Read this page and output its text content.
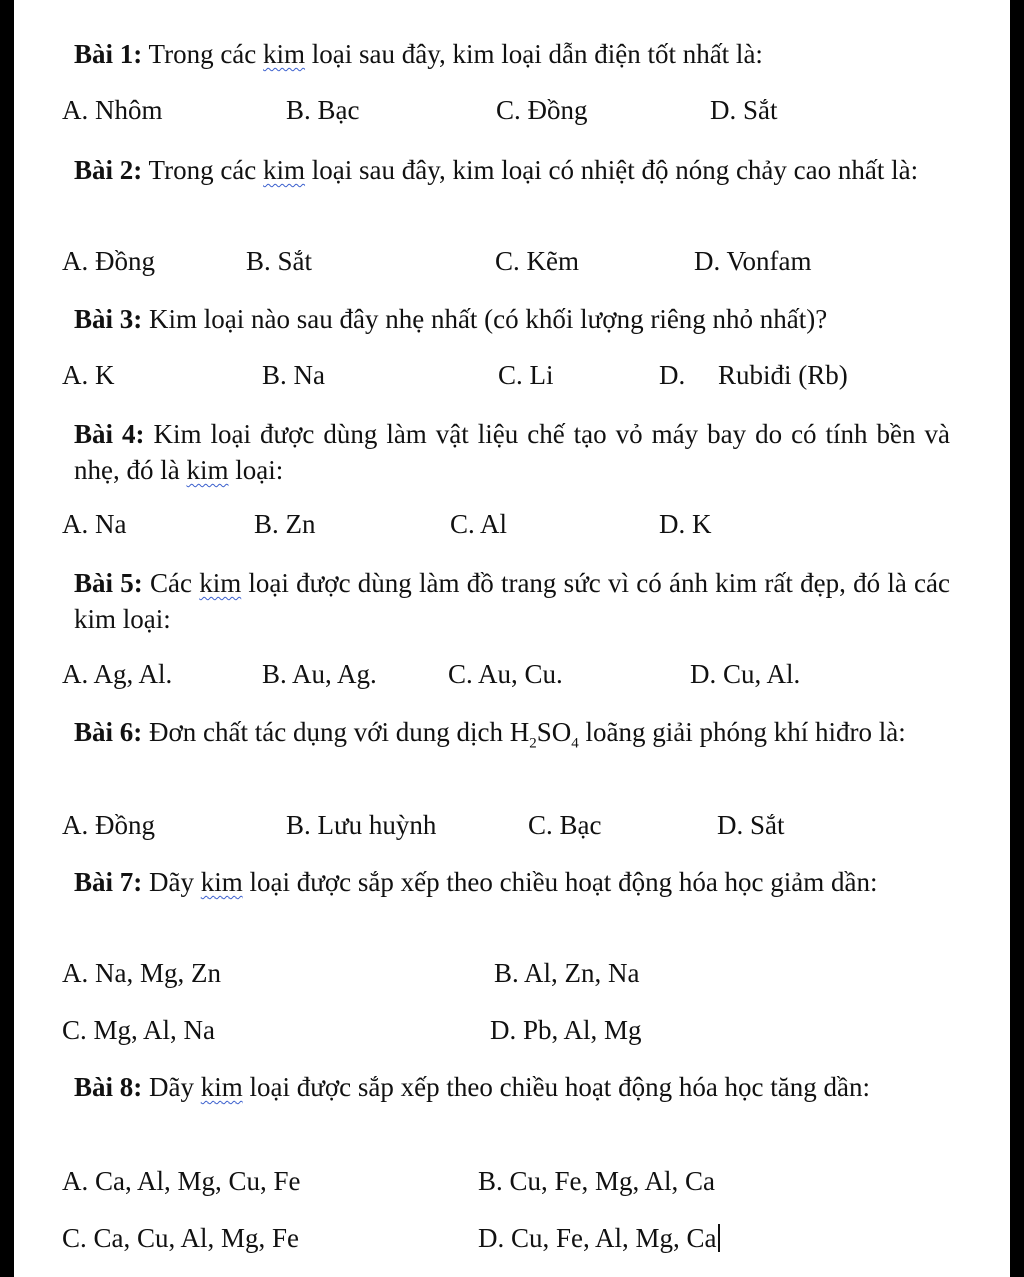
Bài 1: Trong các kim loại sau đây, kim loại dẫn điện tốt nhất là:
A. Nhôm	B. Bạc	C. Đồng	D. Sắt
Bài 2: Trong các kim loại sau đây, kim loại có nhiệt độ nóng chảy cao nhất là:
A. Đồng	B. Sắt	C. Kẽm	D. Vonfam
Bài 3: Kim loại nào sau đây nhẹ nhất (có khối lượng riêng nhỏ nhất)?
A. K	B. Na	C. Li	D. Rubiđi (Rb)
Bài 4: Kim loại được dùng làm vật liệu chế tạo vỏ máy bay do có tính bền và nhẹ, đó là kim loại:
A. Na	B. Zn	C. Al	D. K
Bài 5: Các kim loại được dùng làm đồ trang sức vì có ánh kim rất đẹp, đó là các kim loại:
A. Ag, Al.	B. Au, Ag.	C. Au, Cu.	D. Cu, Al.
Bài 6: Đơn chất tác dụng với dung dịch $H_2SO_4$ loãng giải phóng khí hiđro là:
A. Đồng	B. Lưu huỳnh	C. Bạc	D. Sắt
Bài 7: Dãy kim loại được sắp xếp theo chiều hoạt động hóa học giảm dần:
A. Na, Mg, Zn	B. Al, Zn, Na
C. Mg, Al, Na	D. Pb, Al, Mg
Bài 8: Dãy kim loại được sắp xếp theo chiều hoạt động hóa học tăng dần:
A. Ca, Al, Mg, Cu, Fe	B. Cu, Fe, Mg, Al, Ca
C. Ca, Cu, Al, Mg, Fe	D. Cu, Fe, Al, Mg, Ca
